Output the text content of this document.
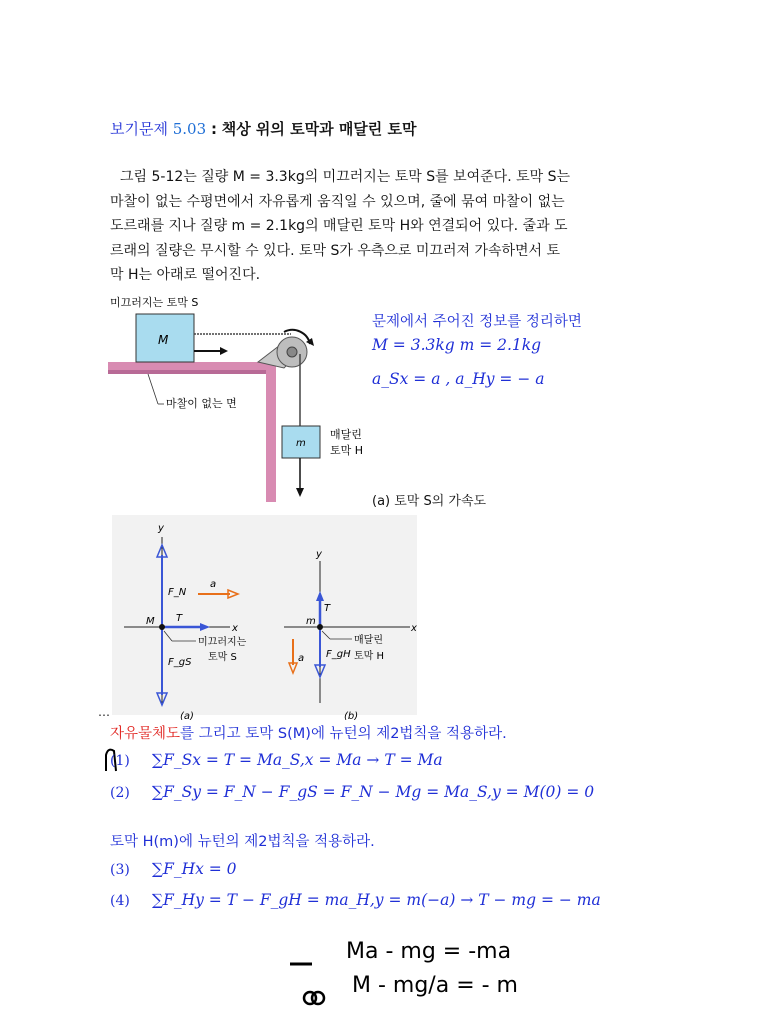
보기문제 5.03 : 책상 위의 토막과 매달린 토막
그림 5-12는 질량 M = 3.3kg의 미끄러지는 토막 S를 보여준다. 토막 S는
마찰이 없는 수평면에서 자유롭게 움직일 수 있으며, 줄에 묶여 마찰이 없는
도르래를 지나 질량 m = 2.1kg의 매달린 토막 H와 연결되어 있다. 줄과 도
르래의 질량은 무시할 수 있다. 토막 S가 우측으로 미끄러져 가속하면서 토
막 H는 아래로 떨어진다.
M
m
미끄러지는 토막 S
마찰이 없는 면
매달린
토막 H
문제에서 주어진 정보를 정리하면
M = 3.3kg m = 2.1kg
a_Sx = a , a_Hy = − a
(a) 토막 S의 가속도
y
x
F_N
F_gS
T
a
M
미끄러지는
토막 S
(a)
y
x
T
F_gH
a
m
매달린
토막 H
(b)
⋯
자유물체도를 그리고 토막 S(M)에 뉴턴의 제2법칙을 적용하라.
(1) ∑F_Sx = T = Ma_S,x = Ma → T = Ma
(2) ∑F_Sy = F_N − F_gS = F_N − Mg = Ma_S,y = M(0) = 0
토막 H(m)에 뉴턴의 제2법칙을 적용하라.
(3) ∑F_Hx = 0
(4) ∑F_Hy = T − F_gH = ma_H,y = m(−a) → T − mg = − ma
Ma - mg = -ma
M - mg/a = - m
